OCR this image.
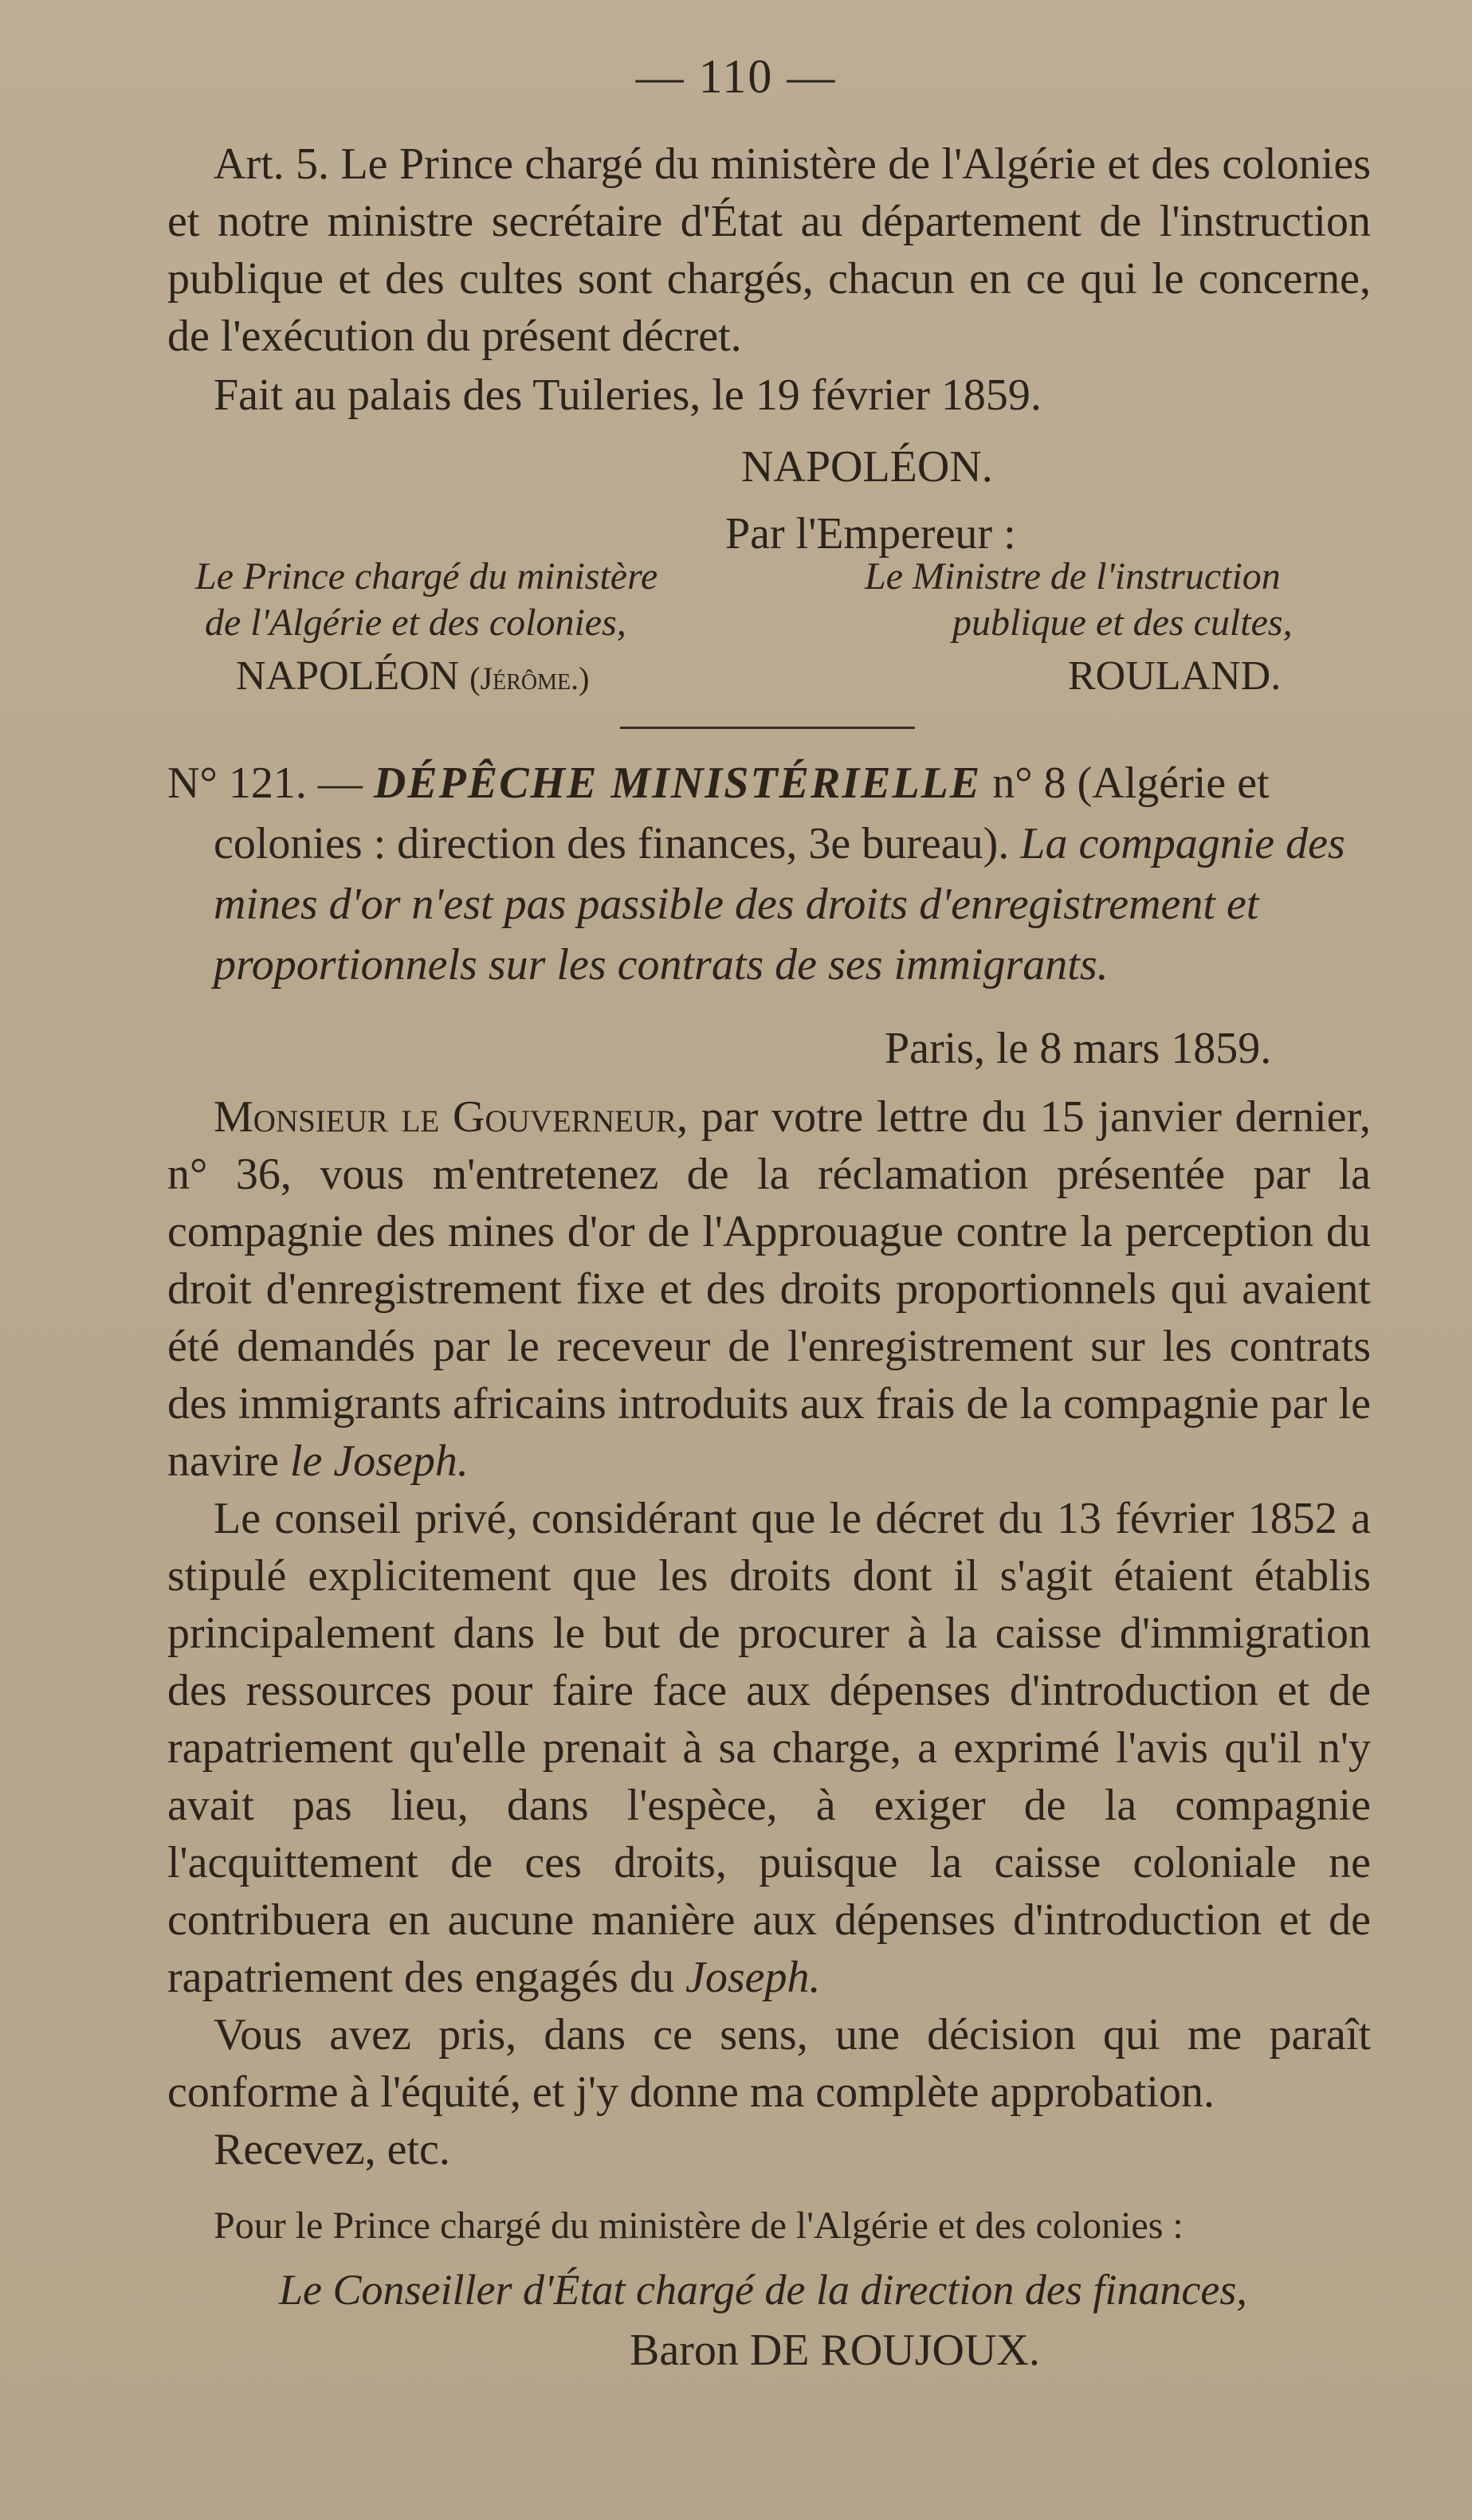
— 110 —

Art. 5. Le Prince chargé du ministère de l'Algérie et des colonies et notre ministre secrétaire d'État au département de l'instruction publique et des cultes sont chargés, chacun en ce qui le concerne, de l'exécution du présent décret.

Fait au palais des Tuileries, le 19 février 1859.

NAPOLÉON.

Par l'Empereur :

Le Prince chargé du ministère
de l'Algérie et des colonies,
NAPOLÉON (Jérôme.)
Le Ministre de l'instruction
publique et des cultes,
ROULAND.

N° 121. — DÉPÊCHE MINISTÉRIELLE n° 8 (Algérie et colonies : direction des finances, 3e bureau). La compagnie des mines d'or n'est pas passible des droits d'enregistrement et proportionnels sur les contrats de ses immigrants.

Paris, le 8 mars 1859.

Monsieur le Gouverneur, par votre lettre du 15 janvier dernier, n° 36, vous m'entretenez de la réclamation présentée par la compagnie des mines d'or de l'Approuague contre la perception du droit d'enregistrement fixe et des droits proportionnels qui avaient été demandés par le receveur de l'enregistrement sur les contrats des immigrants africains introduits aux frais de la compagnie par le navire le Joseph.

Le conseil privé, considérant que le décret du 13 février 1852 a stipulé explicitement que les droits dont il s'agit étaient établis principalement dans le but de procurer à la caisse d'immigration des ressources pour faire face aux dépenses d'introduction et de rapatriement qu'elle prenait à sa charge, a exprimé l'avis qu'il n'y avait pas lieu, dans l'espèce, à exiger de la compagnie l'acquittement de ces droits, puisque la caisse coloniale ne contribuera en aucune manière aux dépenses d'introduction et de rapatriement des engagés du Joseph.

Vous avez pris, dans ce sens, une décision qui me paraît conforme à l'équité, et j'y donne ma complète approbation.

Recevez, etc.

Pour le Prince chargé du ministère de l'Algérie et des colonies :

Le Conseiller d'État chargé de la direction des finances,

Baron DE ROUJOUX.
